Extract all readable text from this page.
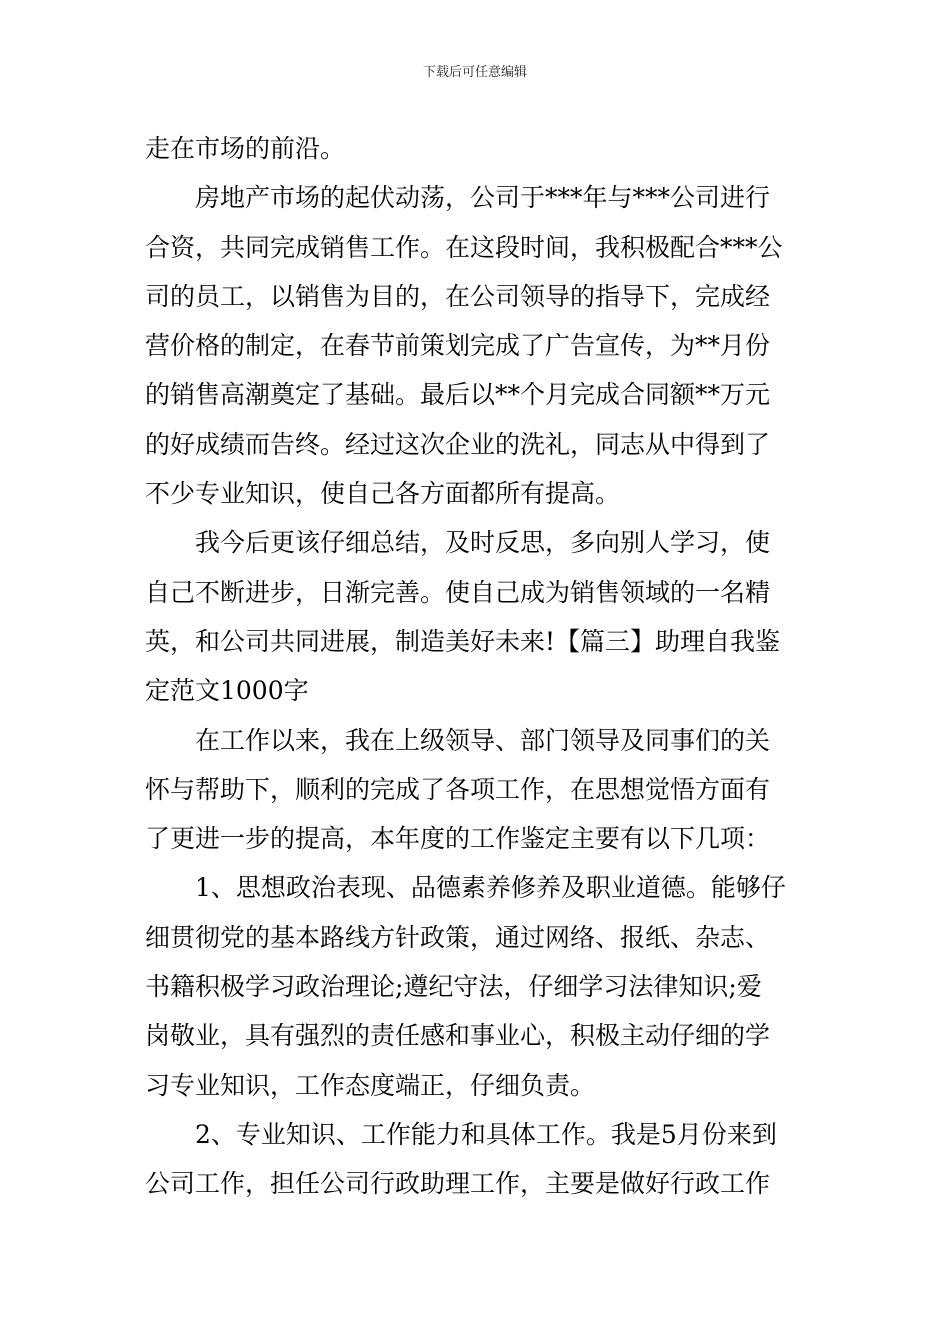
下载后可任意编辑
走在市场的前沿。
房地产市场的起伏动荡，公司于***年与***公司进行
合资，共同完成销售工作。在这段时间，我积极配合***公
司的员工，以销售为目的，在公司领导的指导下，完成经
营价格的制定，在春节前策划完成了广告宣传，为**月份
的销售高潮奠定了基础。最后以**个月完成合同额**万元
的好成绩而告终。经过这次企业的洗礼，同志从中得到了
不少专业知识，使自己各方面都所有提高。
我今后更该仔细总结，及时反思，多向别人学习，使
自己不断进步，日渐完善。使自己成为销售领域的一名精
英，和公司共同进展，制造美好未来!【篇三】助理自我鉴
定范文1000字
在工作以来，我在上级领导、部门领导及同事们的关
怀与帮助下，顺利的完成了各项工作，在思想觉悟方面有
了更进一步的提高，本年度的工作鉴定主要有以下几项：
1、思想政治表现、品德素养修养及职业道德。能够仔
细贯彻党的基本路线方针政策，通过网络、报纸、杂志、
书籍积极学习政治理论;遵纪守法，仔细学习法律知识;爱
岗敬业，具有强烈的责任感和事业心，积极主动仔细的学
习专业知识，工作态度端正，仔细负责。
2、专业知识、工作能力和具体工作。我是5月份来到
公司工作，担任公司行政助理工作，主要是做好行政工作
